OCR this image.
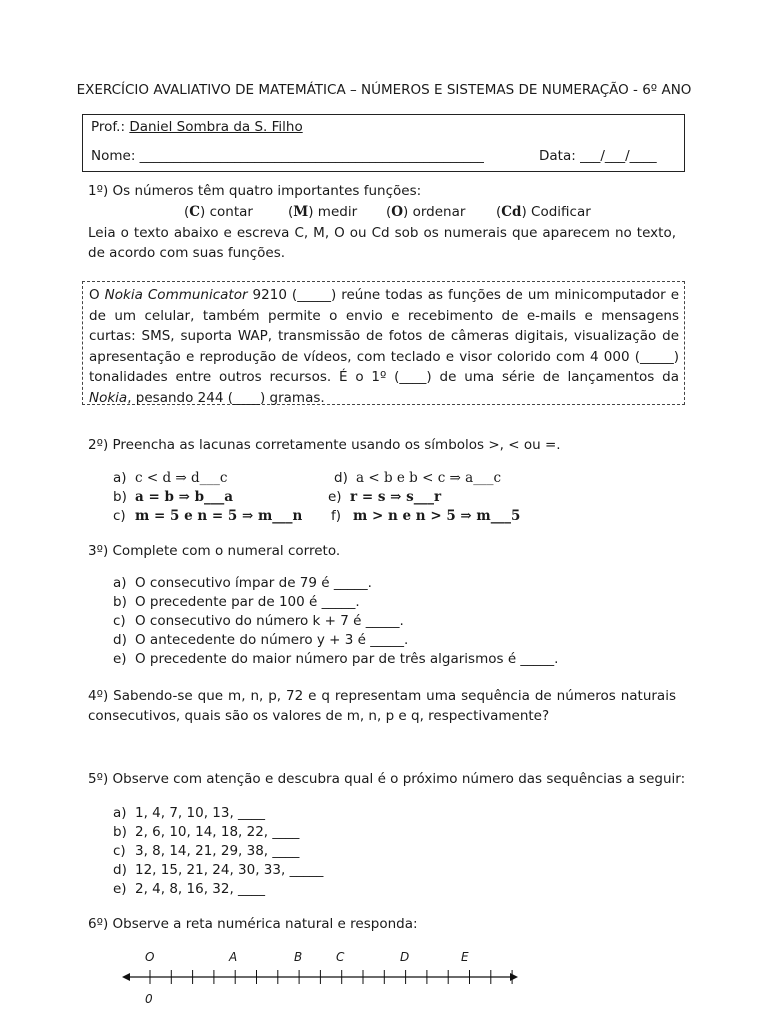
EXERCÍCIO AVALIATIVO DE MATEMÁTICA – NÚMEROS E SISTEMAS DE NUMERAÇÃO - 6º ANO
Prof.: Daniel Sombra da S. Filho
Nome: ___________________________________________________	Data: ___/___/____
1º) Os números têm quatro importantes funções:
(C) contar	(M) medir (O) ordenar (Cd) Codificar
Leia o texto abaixo e escreva C, M, O ou Cd sob os numerais que aparecem no texto, de acordo com suas funções.
O Nokia Communicator 9210 (_____) reúne todas as funções de um minicomputador e de um celular, também permite o envio e recebimento de e-mails e mensagens curtas: SMS, suporta WAP, transmissão de fotos de câmeras digitais, visualização de apresentação e reprodução de vídeos, com teclado e visor colorido com 4 000 (_____) tonalidades entre outros recursos. É o 1º (____) de uma série de lançamentos da Nokia, pesando 244 (____) gramas.
2º) Preencha as lacunas corretamente usando os símbolos >, < ou =.
a) c < d ⇒ d___c
b) a = b ⇒ b___a
c) m = 5 e n = 5 ⇒ m___n
d) a < b e b < c ⇒ a___c
e) r = s ⇒ s___r
f) m > n e n > 5 ⇒ m___5
3º) Complete com o numeral correto.
a) O consecutivo ímpar de 79 é _____.
b) O precedente par de 100 é _____.
c) O consecutivo do número k + 7 é _____.
d) O antecedente do número y + 3 é _____.
e) O precedente do maior número par de três algarismos é _____.
4º) Sabendo-se que m, n, p, 72 e q representam uma sequência de números naturais consecutivos, quais são os valores de m, n, p e q, respectivamente?
5º) Observe com atenção e descubra qual é o próximo número das sequências a seguir:
a) 1, 4, 7, 10, 13, ____
b) 2, 6, 10, 14, 18, 22, ____
c) 3, 8, 14, 21, 29, 38, ____
d) 12, 15, 21, 24, 30, 33, _____
e) 2, 4, 8, 16, 32, ____
6º) Observe a reta numérica natural e responda:
O	A	B	C	D	E
0
